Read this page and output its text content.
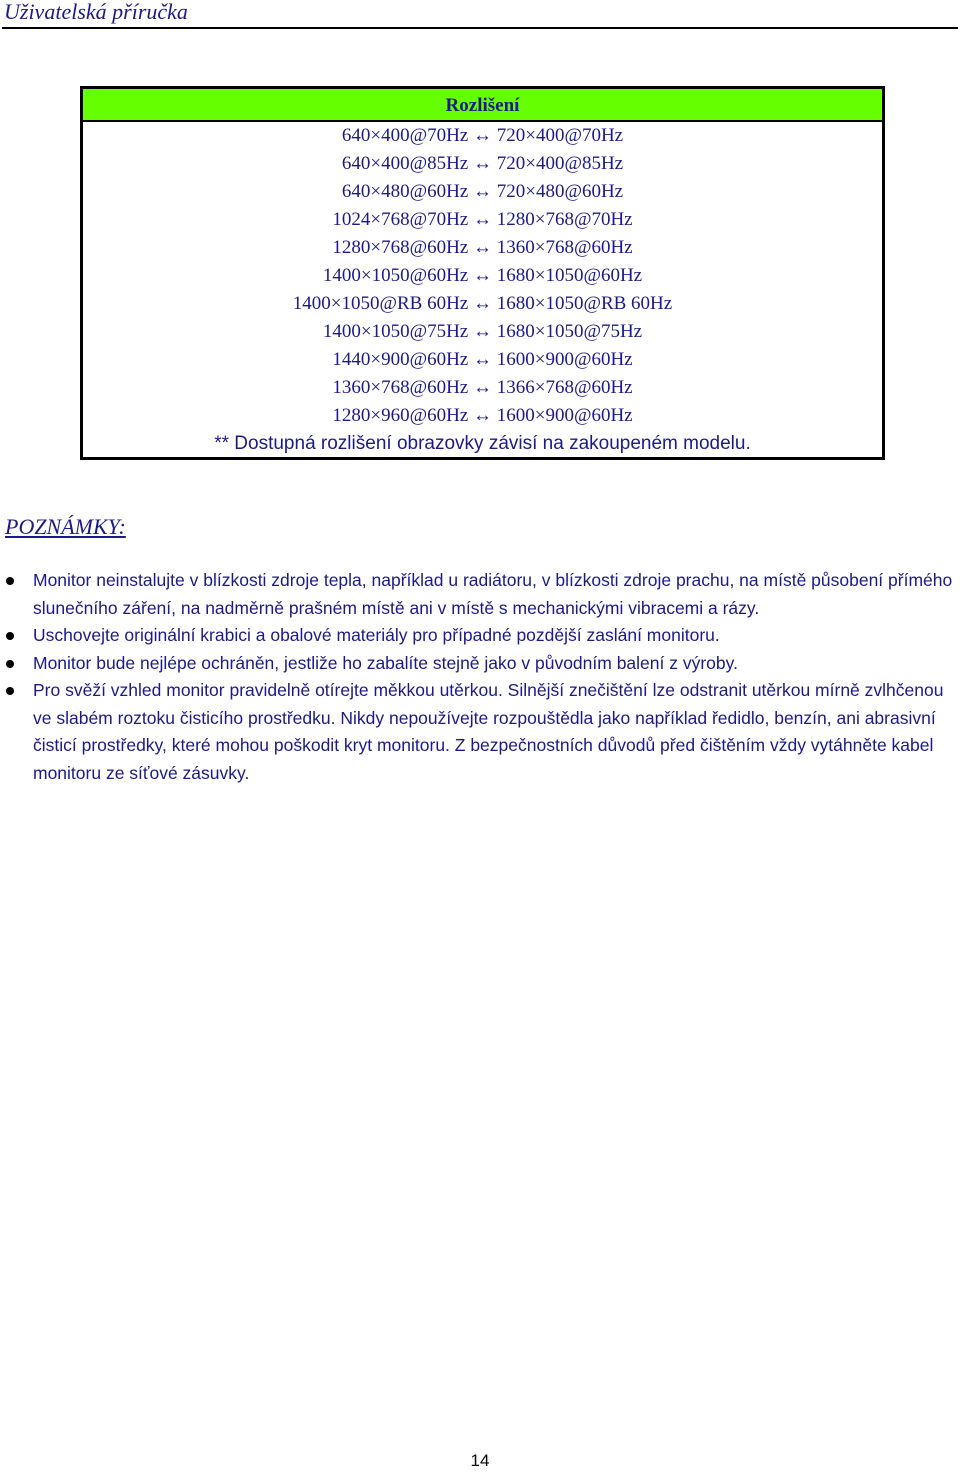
Uživatelská příručka
Rozlišení
640×400@70Hz ↔ 720×400@70Hz
640×400@85Hz ↔ 720×400@85Hz
640×480@60Hz ↔ 720×480@60Hz
1024×768@70Hz ↔ 1280×768@70Hz
1280×768@60Hz ↔ 1360×768@60Hz
1400×1050@60Hz ↔ 1680×1050@60Hz
1400×1050@RB 60Hz ↔ 1680×1050@RB 60Hz
1400×1050@75Hz ↔ 1680×1050@75Hz
1440×900@60Hz ↔ 1600×900@60Hz
1360×768@60Hz ↔ 1366×768@60Hz
1280×960@60Hz ↔ 1600×900@60Hz
** Dostupná rozlišení obrazovky závisí na zakoupeném modelu.
POZNÁMKY:
Monitor neinstalujte v blízkosti zdroje tepla, například u radiátoru, v blízkosti zdroje prachu, na místě působení přímého slunečního záření, na nadměrně prašném místě ani v místě s mechanickými vibracemi a rázy.
Uschovejte originální krabici a obalové materiály pro případné pozdější zaslání monitoru.
Monitor bude nejlépe ochráněn, jestliže ho zabalíte stejně jako v původním balení z výroby.
Pro svěží vzhled monitor pravidelně otírejte měkkou utěrkou. Silnější znečištění lze odstranit utěrkou mírně zvlhčenou ve slabém roztoku čisticího prostředku. Nikdy nepoužívejte rozpouštědla jako například ředidlo, benzín, ani abrasivní čisticí prostředky, které mohou poškodit kryt monitoru. Z bezpečnostních důvodů před čištěním vždy vytáhněte kabel monitoru ze síťové zásuvky.
14
